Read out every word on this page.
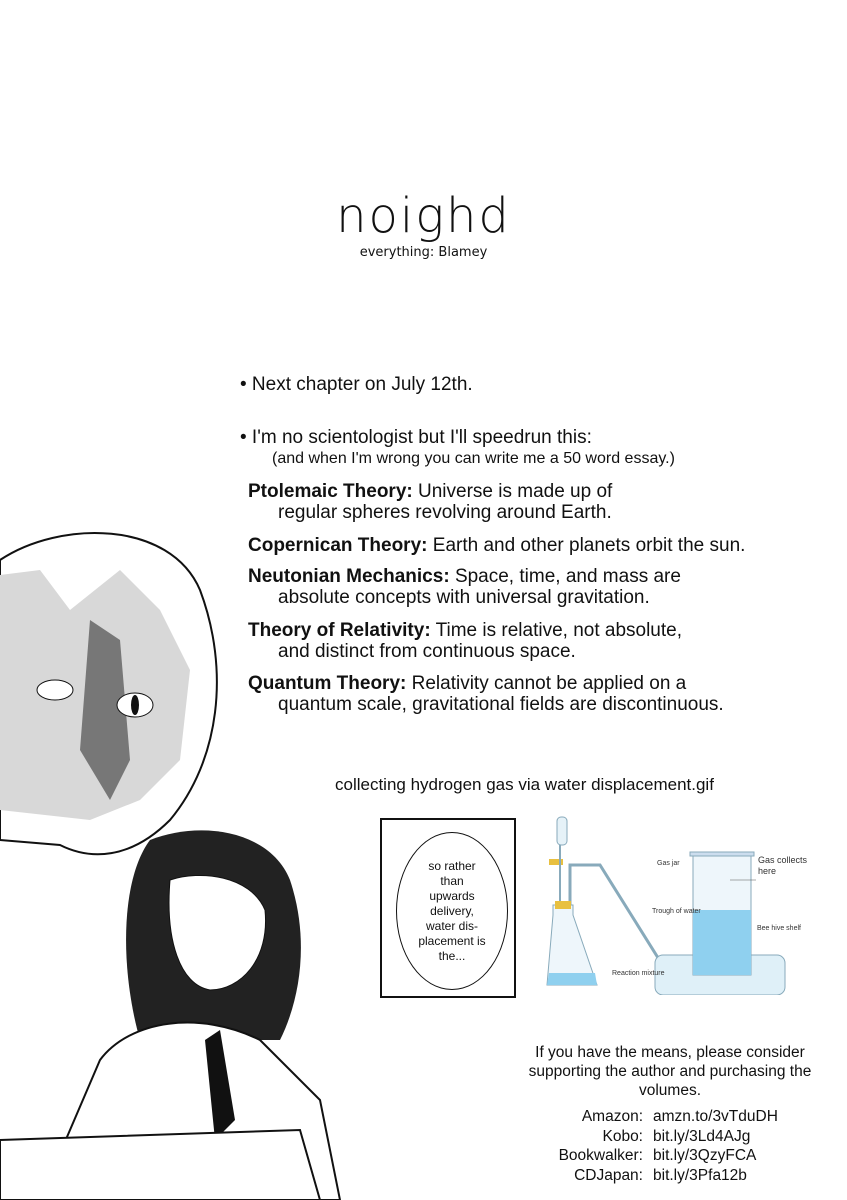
noighd
everything: Blamey
• Next chapter on July 12th.
• I'm no scientologist but I'll speedrun this:
(and when I'm wrong you can write me a 50 word essay.)
Ptolemaic Theory: Universe is made up of
regular spheres revolving around Earth.
Copernican Theory: Earth and other planets orbit the sun.
Neutonian Mechanics: Space, time, and mass are
absolute concepts with universal gravitation.
Theory of Relativity: Time is relative, not absolute,
and distinct from continuous space.
Quantum Theory: Relativity cannot be applied on a
quantum scale, gravitational fields are discontinuous.
collecting hydrogen gas via water displacement.gif
so rather than upwards delivery, water dis-placement is the...
Gas jar
Trough of water
Bee hive shelf
Reaction mixture
Gas collects here
If you have the means, please consider supporting the author and purchasing the volumes.
Amazon: amzn.to/3vTduDH
Kobo: bit.ly/3Ld4AJg
Bookwalker: bit.ly/3QzyFCA
CDJapan: bit.ly/3Pfa12b
